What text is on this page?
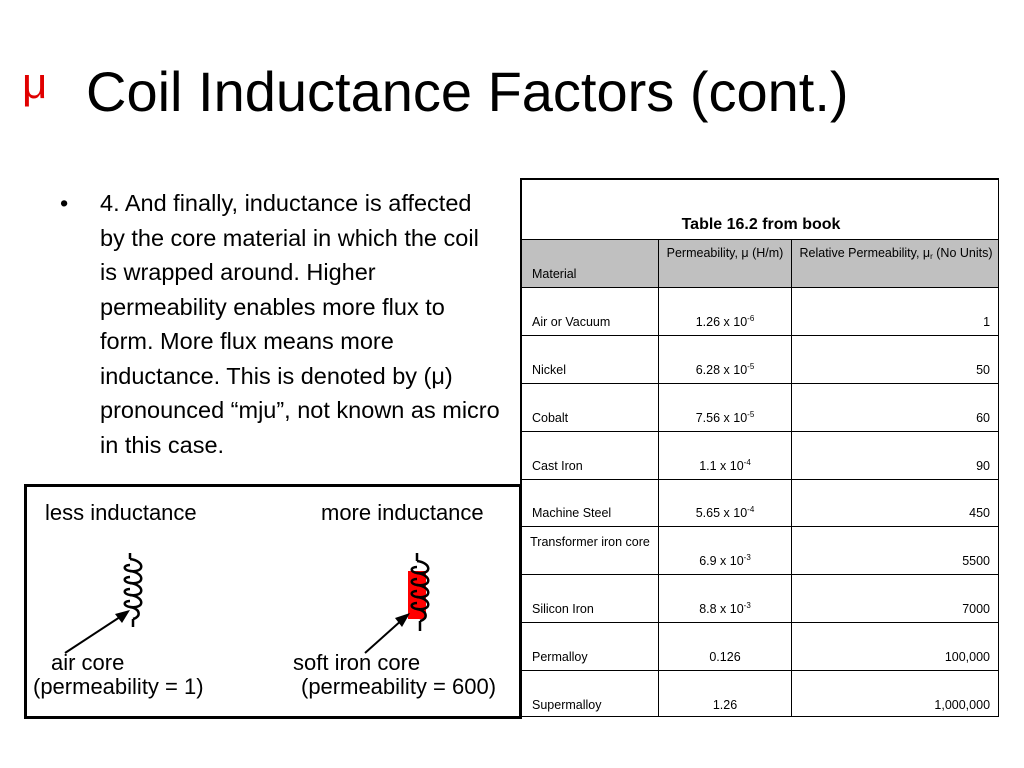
μ Coil Inductance Factors (cont.)
• 4. And finally, inductance is affected by the core material in which the coil is wrapped around. Higher permeability enables more flux to form. More flux means more inductance. This is denoted by (μ) pronounced “mju”, not known as micro in this case.
less inductance	more inductance
air core
(permeability = 1)
soft iron core
(permeability = 600)
Table 16.2 from book		
Material	Permeability, μ (H/m)	Relative Permeability, $\mu_r$ (No Units)
Air or Vacuum	1.26 x $10^{-6}$	1
Nickel	6.28 x $10^{-5}$	50
Cobalt	7.56 x $10^{-5}$	60
Cast Iron	1.1 x $10^{-4}$	90
Machine Steel	5.65 x $10^{-4}$	450
Transformer iron core	6.9 x $10^{-3}$	5500
Silicon Iron	8.8 x $10^{-3}$	7000
Permalloy	0.126	100,000
Supermalloy	1.26	1,000,000
